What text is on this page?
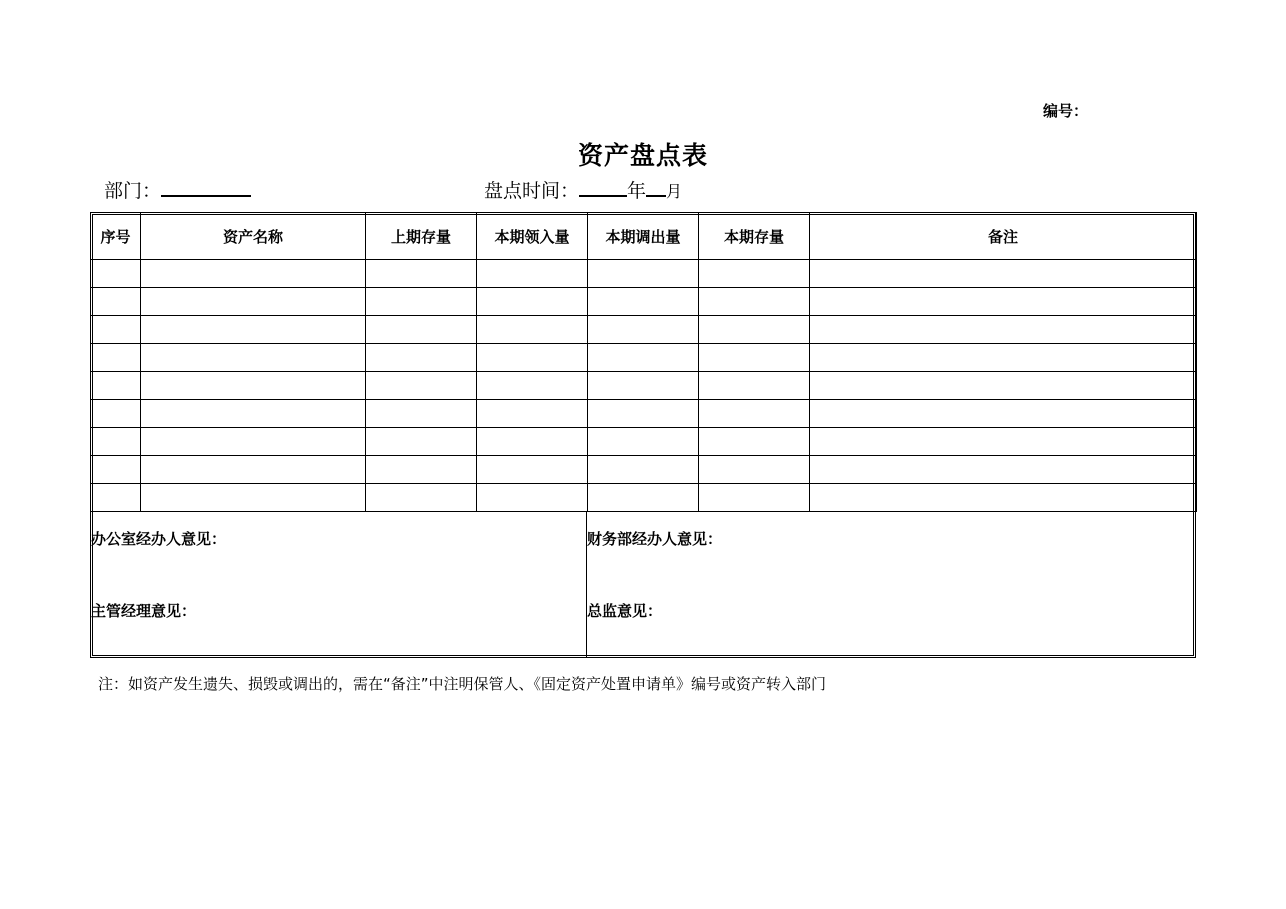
编号：
资产盘点表
部门：	盘点时间：	年 月
序号	资产名称	上期存量	本期领入量	本期调出量	本期存量	备注

办公室经办人意见：	财务部经办人意见：
主管经理意见：	总监意见：
注：如资产发生遗失、损毁或调出的，需在“备注”中注明保管人、《固定资产处置申请单》编号或资产转入部门
